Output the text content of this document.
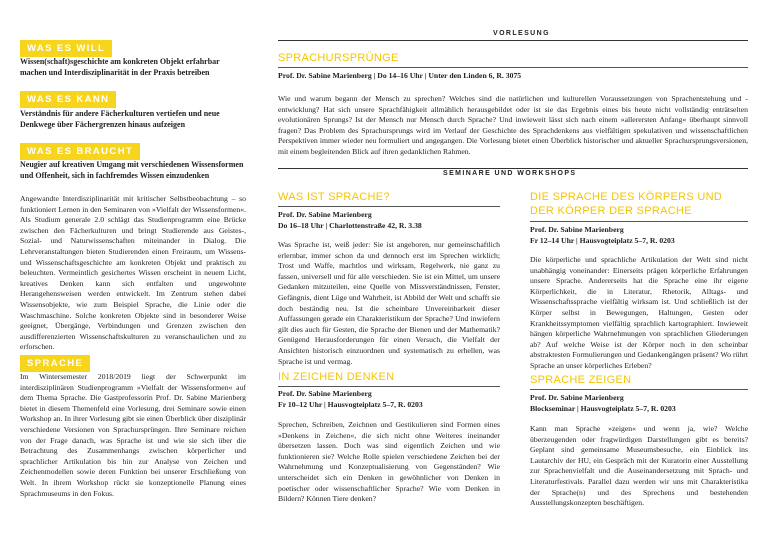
WAS ES WILL
Wissen(schaft)sgeschichte am konkreten Objekt erfahrbar machen und Interdisziplinarität in der Praxis betreiben
WAS ES KANN
Verständnis für andere Fächerkulturen vertiefen und neue Denkwege über Fächergrenzen hinaus aufzeigen
WAS ES BRAUCHT
Neugier auf kreativen Umgang mit verschiedenen Wissensformen und Offenheit, sich in fachfremdes Wissen einzudenken
Angewandte Interdisziplinarität mit kritischer Selbstbeobachtung – so funktioniert Lernen in den Seminaren von »Vielfalt der Wissensformen«. Als Studium generale 2.0 schlägt das Studienprogramm eine Brücke zwischen den Fächerkulturen und bringt Studierende aus Geistes-, Sozial- und Naturwissenschaften miteinander in Dialog. Die Lehrveranstaltungen bieten Studierenden einen Freiraum, um Wissens- und Wissenschaftsgeschichte am konkreten Objekt und praktisch zu beleuchten. Vermeintlich gesichertes Wissen erscheint in neuem Licht, kreatives Denken kann sich entfalten und ungewohnte Herangehensweisen werden entwickelt. Im Zentrum stehen dabei Wissensobjekte, wie zum Beispiel Sprache, die Linie oder die Waschmaschine. Solche konkreten Objekte sind in besonderer Weise geeignet, Übergänge, Verbindungen und Grenzen zwischen den ausdifferenzierten Wissenschaftskulturen zu veranschaulichen und zu erforschen.
SPRACHE
Im Wintersemester 2018/2019 liegt der Schwerpunkt im interdisziplinären Studienprogramm »Vielfalt der Wissensformen« auf dem Thema Sprache. Die Gastprofessorin Prof. Dr. Sabine Marienberg bietet in diesem Themenfeld eine Vorlesung, drei Seminare sowie einen Workshop an. In ihrer Vorlesung gibt sie einen Überblick über disziplinär verschiedene Versionen von Sprachursprüngen. Ihre Seminare reichen von der Frage danach, was Sprache ist und wie sie sich über die Betrachtung des Zusammenhangs zwischen körperlicher und sprachlicher Artikulation bis hin zur Analyse von Zeichen und Zeichenmodellen sowie deren Funktion bei unserer Erschließung von Welt. In ihrem Workshop rückt sie konzeptionelle Planung eines Sprachmuseums in den Fokus.
VORLESUNG
SPRACHURSPRÜNGE
Prof. Dr. Sabine Marienberg | Do 14–16 Uhr | Unter den Linden 6, R. 3075
Wie und warum begann der Mensch zu sprechen? Welches sind die natürlichen und kulturellen Voraussetzungen von Sprachentstehung und -entwicklung? Hat sich unsere Sprachfähigkeit allmählich herausgebildet oder ist sie das Ergebnis eines bis heute nicht vollständig enträtselten evolutionären Sprungs? Ist der Mensch nur Mensch durch Sprache? Und inwieweit lässt sich nach einem »allerersten Anfang« überhaupt sinnvoll fragen? Das Problem des Sprachursprungs wird im Verlauf der Geschichte des Sprachdenkens aus vielfältigen spekulativen und wissenschaftlichen Perspektiven immer wieder neu formuliert und angegangen. Die Vorlesung bietet einen Überblick historischer und aktueller Sprachursprungsversionen, mit einem begleitenden Blick auf ihren gedanklichen Rahmen.
SEMINARE UND WORKSHOPS
WAS IST SPRACHE?
Prof. Dr. Sabine Marienberg
Do 16–18 Uhr | Charlottenstraße 42, R. 3.38
Was Sprache ist, weiß jeder: Sie ist angeboren, nur gemeinschaftlich erlernbar, immer schon da und dennoch erst im Sprechen wirklich; Trost und Waffe, machtlos und wirksam, Regelwerk, nie ganz zu fassen, universell und für alle verschieden. Sie ist ein Mittel, um unsere Gedanken mitzuteilen, eine Quelle von Missverständnissen, Fenster, Gefängnis, dient Lüge und Wahrheit, ist Abbild der Welt und schafft sie doch beständig neu. Ist die scheinbare Unvereinbarkeit dieser Auffassungen gerade ein Charakteristikum der Sprache? Und inwiefern gilt dies auch für Gesten, die Sprache der Bienen und der Mathematik? Genügend Herausforderungen für einen Versuch, die Vielfalt der Ansichten historisch einzuordnen und systematisch zu erhellen, was Sprache ist und vermag.
IN ZEICHEN DENKEN
Prof. Dr. Sabine Marienberg
Fr 10–12 Uhr | Hausvogteiplatz 5–7, R. 0203
Sprechen, Schreiben, Zeichnen und Gestikulieren sind Formen eines »Denkens in Zeichen«, die sich nicht ohne Weiteres ineinander übersetzen lassen. Doch was sind eigentlich Zeichen und wie funktionieren sie? Welche Rolle spielen verschiedene Zeichen bei der Wahrnehmung und Konzeptualisierung von Gegenständen? Wie unterscheidet sich ein Denken in gewöhnlicher von Denken in poetischer oder wissenschaftlicher Sprache? Wie vom Denken in Bildern? Können Tiere denken?
DIE SPRACHE DES KÖRPERS UND DER KÖRPER DER SPRACHE
Prof. Dr. Sabine Marienberg
Fr 12–14 Uhr | Hausvogteiplatz 5–7, R. 0203
Die körperliche und sprachliche Artikulation der Welt sind nicht unabhängig voneinander: Einerseits prägen körperliche Erfahrungen unsere Sprache. Andererseits hat die Sprache eine ihr eigene Körperlichkeit, die in Literatur, Rhetorik, Alltags- und Wissenschaftssprache vielfältig wirksam ist. Und schließlich ist der Körper selbst in Bewegungen, Haltungen, Gesten oder Krankheitssymptomen vielfältig sprachlich kartographiert. Inwieweit hängen körperliche Wahrnehmungen von sprachlichen Gliederungen ab? Auf welche Weise ist der Körper noch in den scheinbar abstraktesten Formulierungen und Gedankengängen präsent? Wo rührt Sprache an unser körperliches Erleben?
SPRACHE ZEIGEN
Prof. Dr. Sabine Marienberg
Blockseminar | Hausvogteiplatz 5–7, R. 0203
Kann man Sprache »zeigen« und wenn ja, wie? Welche überzeugenden oder fragwürdigen Darstellungen gibt es bereits? Geplant sind gemeinsame Museumsbesuche, ein Einblick ins Lautarchiv der HU, ein Gespräch mit der Kuratorin einer Ausstellung zur Sprachenvielfalt und die Auseinandersetzung mit Sprach- und Literaturfestivals. Parallel dazu werden wir uns mit Charakteristika der Sprache(n) und des Sprechens und bestehenden Ausstellungskonzepten beschäftigen.
